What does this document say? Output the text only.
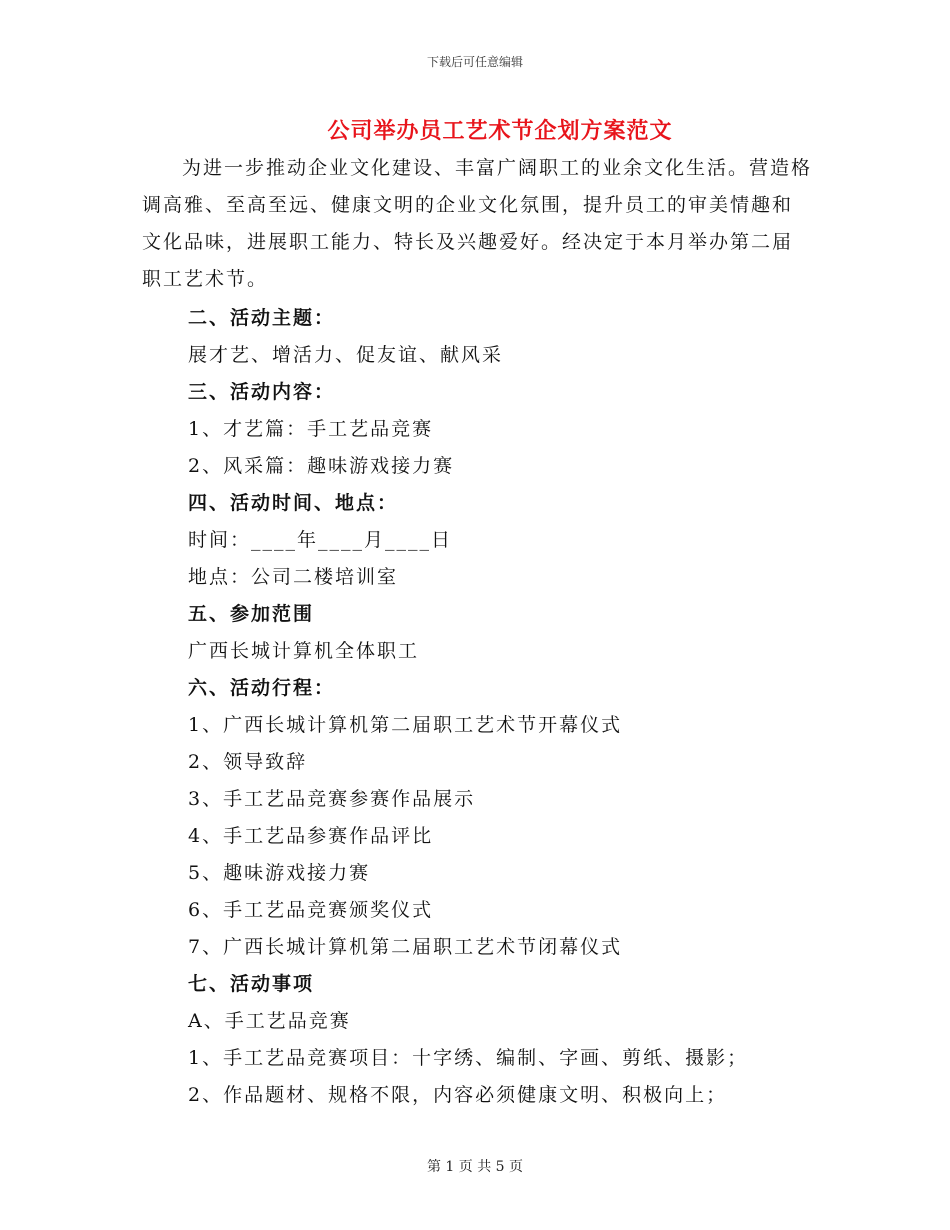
下载后可任意编辑
公司举办员工艺术节企划方案范文
为进一步推动企业文化建设、丰富广阔职工的业余文化生活。营造格调高雅、至高至远、健康文明的企业文化氛围，提升员工的审美情趣和文化品味，进展职工能力、特长及兴趣爱好。经决定于本月举办第二届职工艺术节。
二、活动主题：
展才艺、增活力、促友谊、献风采
三、活动内容：
1、才艺篇：手工艺品竞赛
2、风采篇：趣味游戏接力赛
四、活动时间、地点：
时间：____年____月____日
地点：公司二楼培训室
五、参加范围
广西长城计算机全体职工
六、活动行程：
1、广西长城计算机第二届职工艺术节开幕仪式
2、领导致辞
3、手工艺品竞赛参赛作品展示
4、手工艺品参赛作品评比
5、趣味游戏接力赛
6、手工艺品竞赛颁奖仪式
7、广西长城计算机第二届职工艺术节闭幕仪式
七、活动事项
A、手工艺品竞赛
1、手工艺品竞赛项目：十字绣、编制、字画、剪纸、摄影；
2、作品题材、规格不限，内容必须健康文明、积极向上；
第 1 页 共 5 页
